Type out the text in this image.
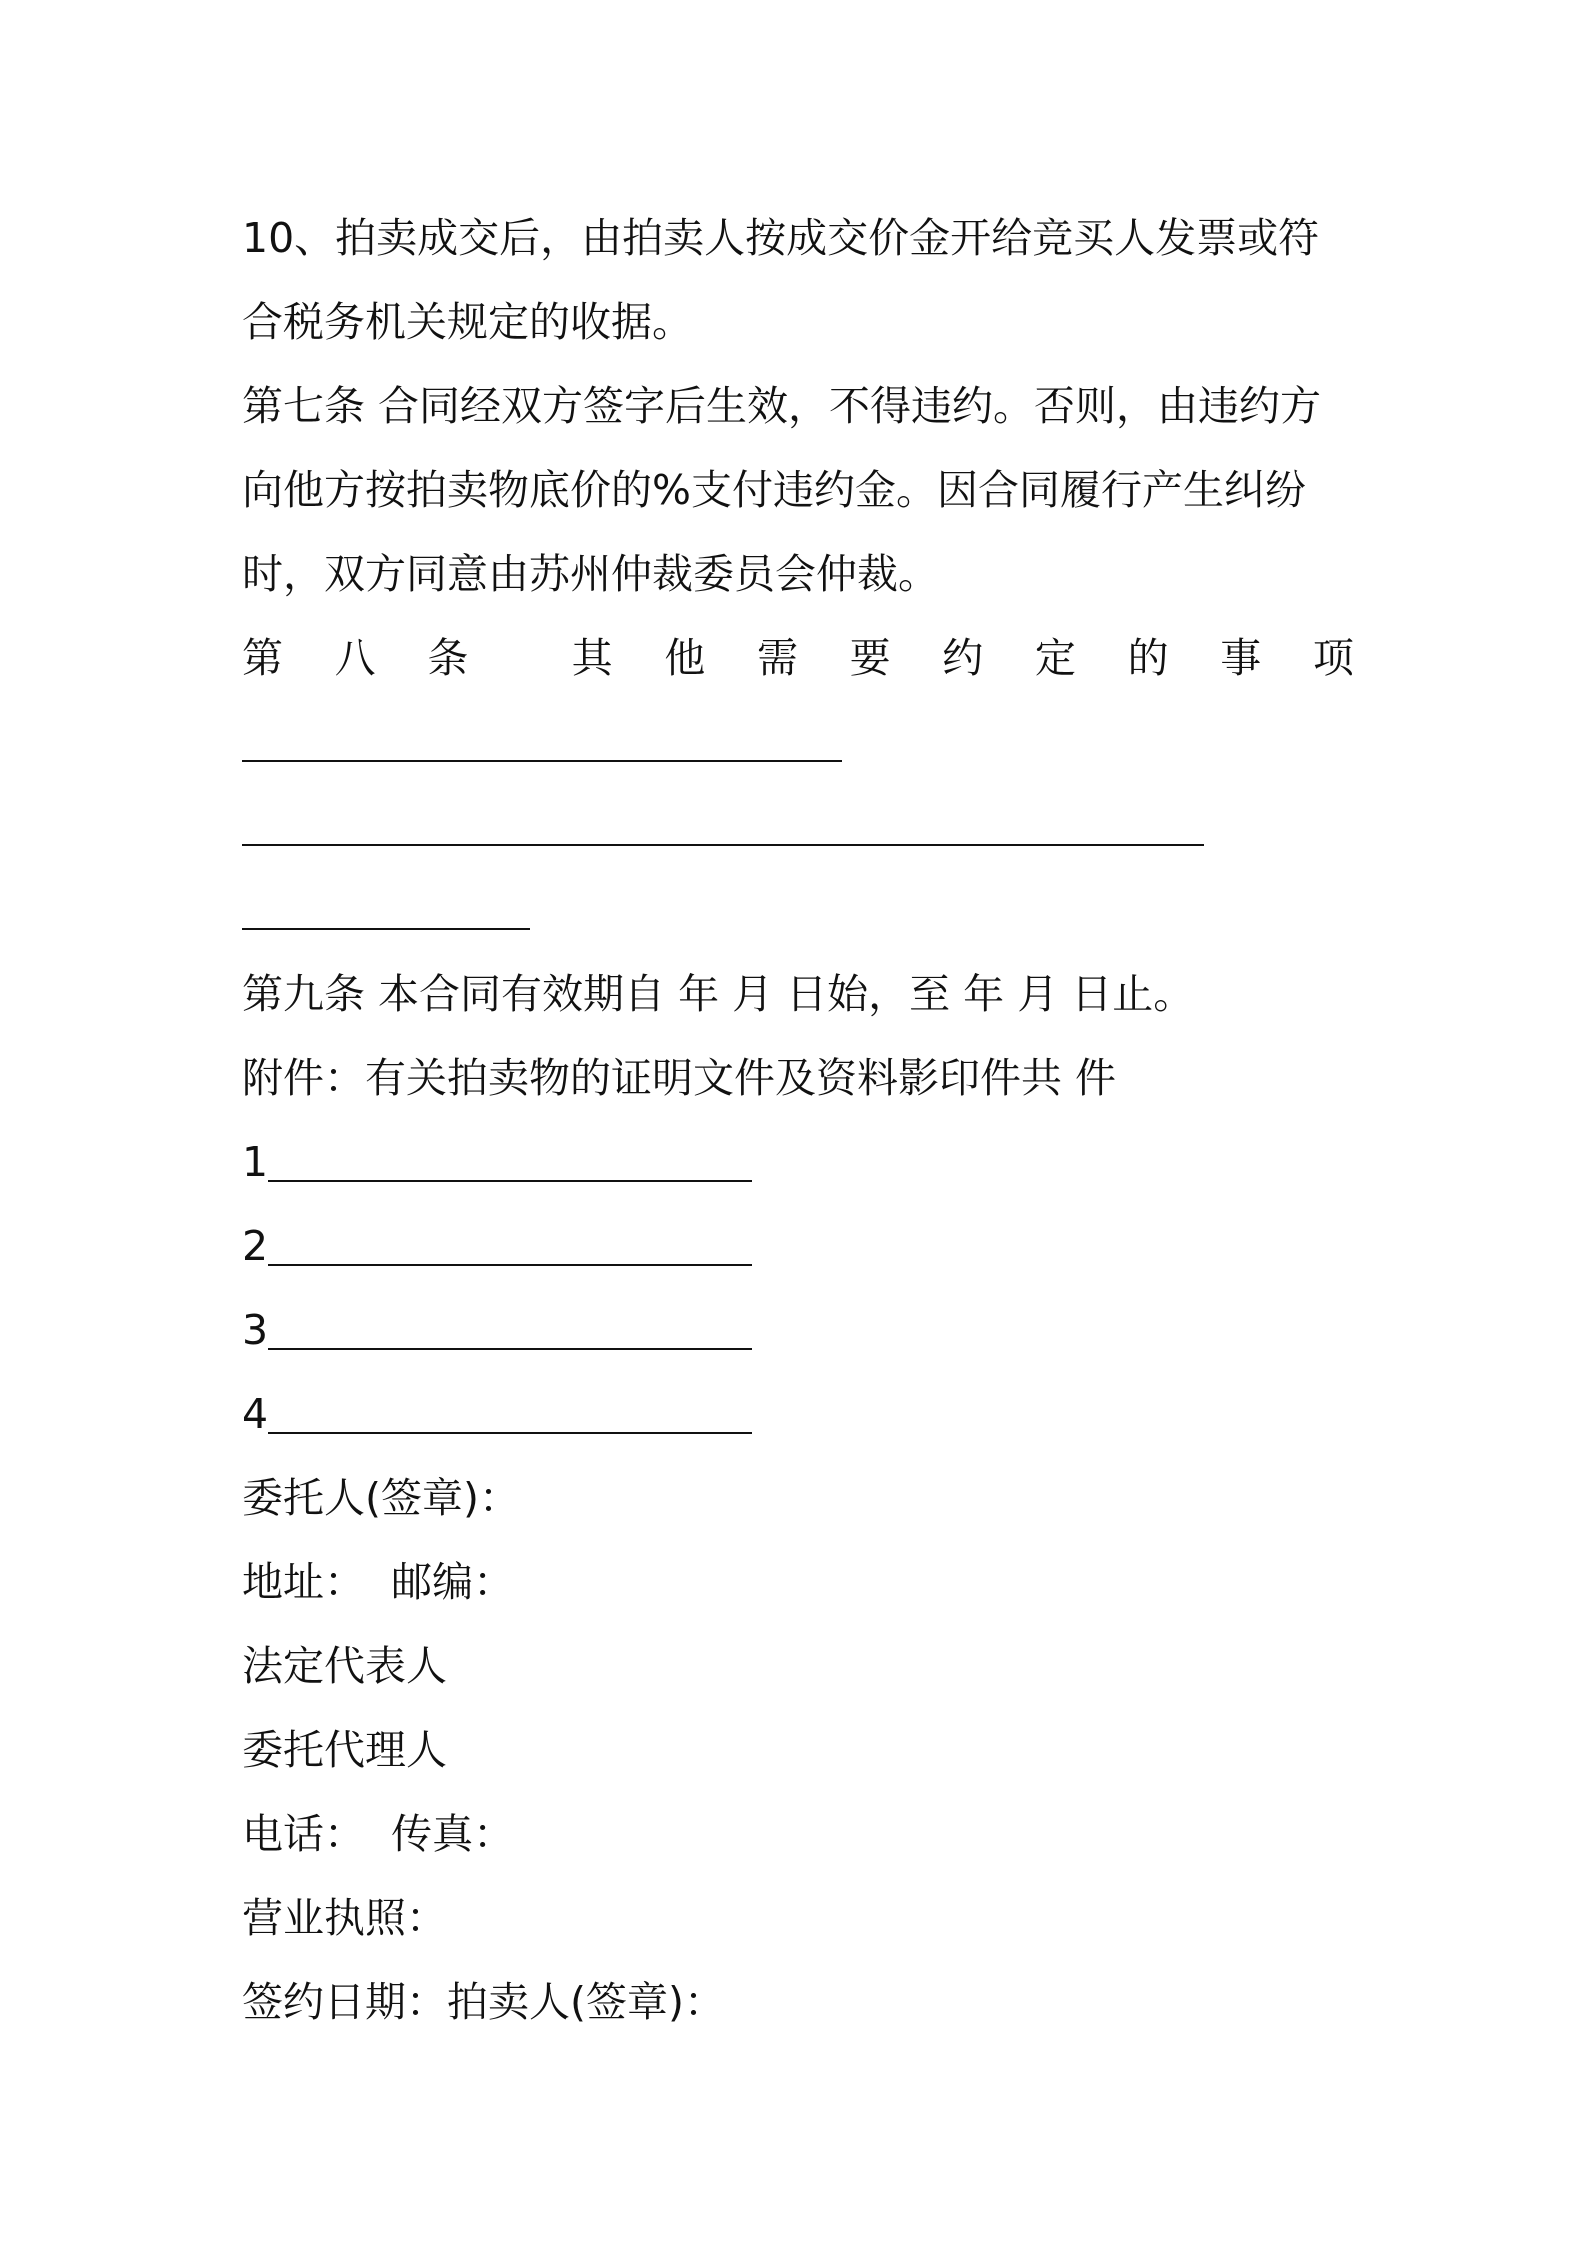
10、拍卖成交后，由拍卖人按成交价金开给竞买人发票或符合税务机关规定的收据。
第七条 合同经双方签字后生效，不得违约。否则，由违约方向他方按拍卖物底价的%支付违约金。因合同履行产生纠纷时，双方同意由苏州仲裁委员会仲裁。
第 八 条	其 他 需 要 约 定 的 事 项
第九条 本合同有效期自 年 月 日始，至 年 月 日止。
附件：有关拍卖物的证明文件及资料影印件共 件
1
2
3
4
委托人(签章)：
地址：  邮编：
法定代表人
委托代理人
电话：  传真：
营业执照：
签约日期：拍卖人(签章)：
